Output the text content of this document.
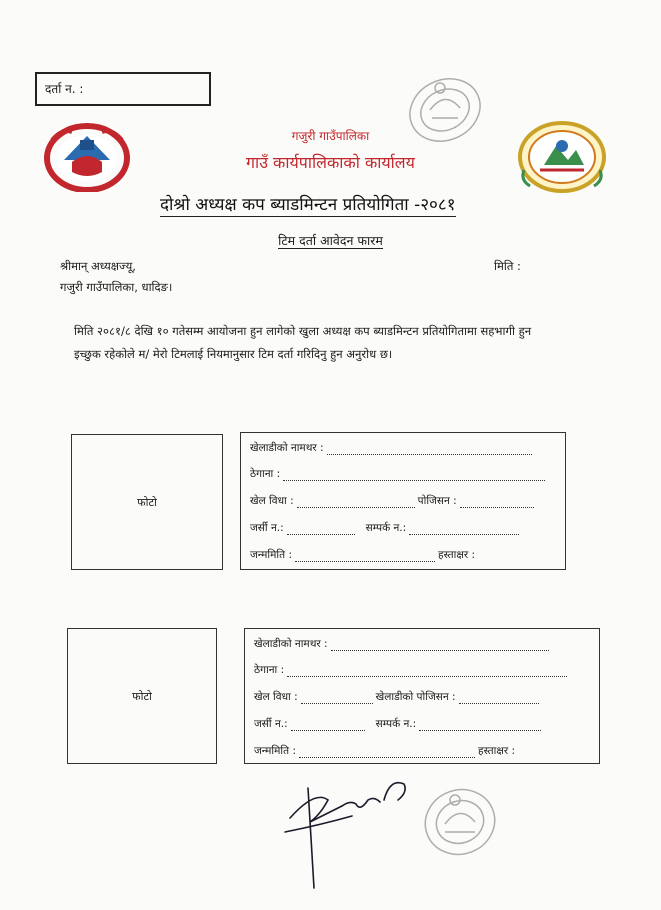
दर्ता न. :
गजुरी गाउँपालिका
गाउँ कार्यपालिकाको कार्यालय
दोश्रो अध्यक्ष कप ब्याडमिन्टन प्रतियोगिता -२०८१
टिम दर्ता आवेदन फारम
श्रीमान् अध्यक्षज्यू,
गजुरी गाउँपालिका, धादिङ।
मिति :
मिति २०८१/८ देखि १० गतेसम्म आयोजना हुन लागेको खुला अध्यक्ष कप ब्याडमिन्टन प्रतियोगितामा सहभागी हुन
इच्छुक रहेकोले म/ मेरो टिमलाई नियमानुसार टिम दर्ता गरिदिनु हुन अनुरोध छ।
फोटो
खेलाडीको नामथर :
ठेगाना :
खेल विधा :	पोजिसन :
जर्सी न.:	सम्पर्क न.:
जन्ममिति :	हस्ताक्षर :
फोटो
खेलाडीको नामथर :
ठेगाना :
खेल विधा :	खेलाडीको पोजिसन :
जर्सी न.:	सम्पर्क न.:
जन्ममिति :	हस्ताक्षर :
